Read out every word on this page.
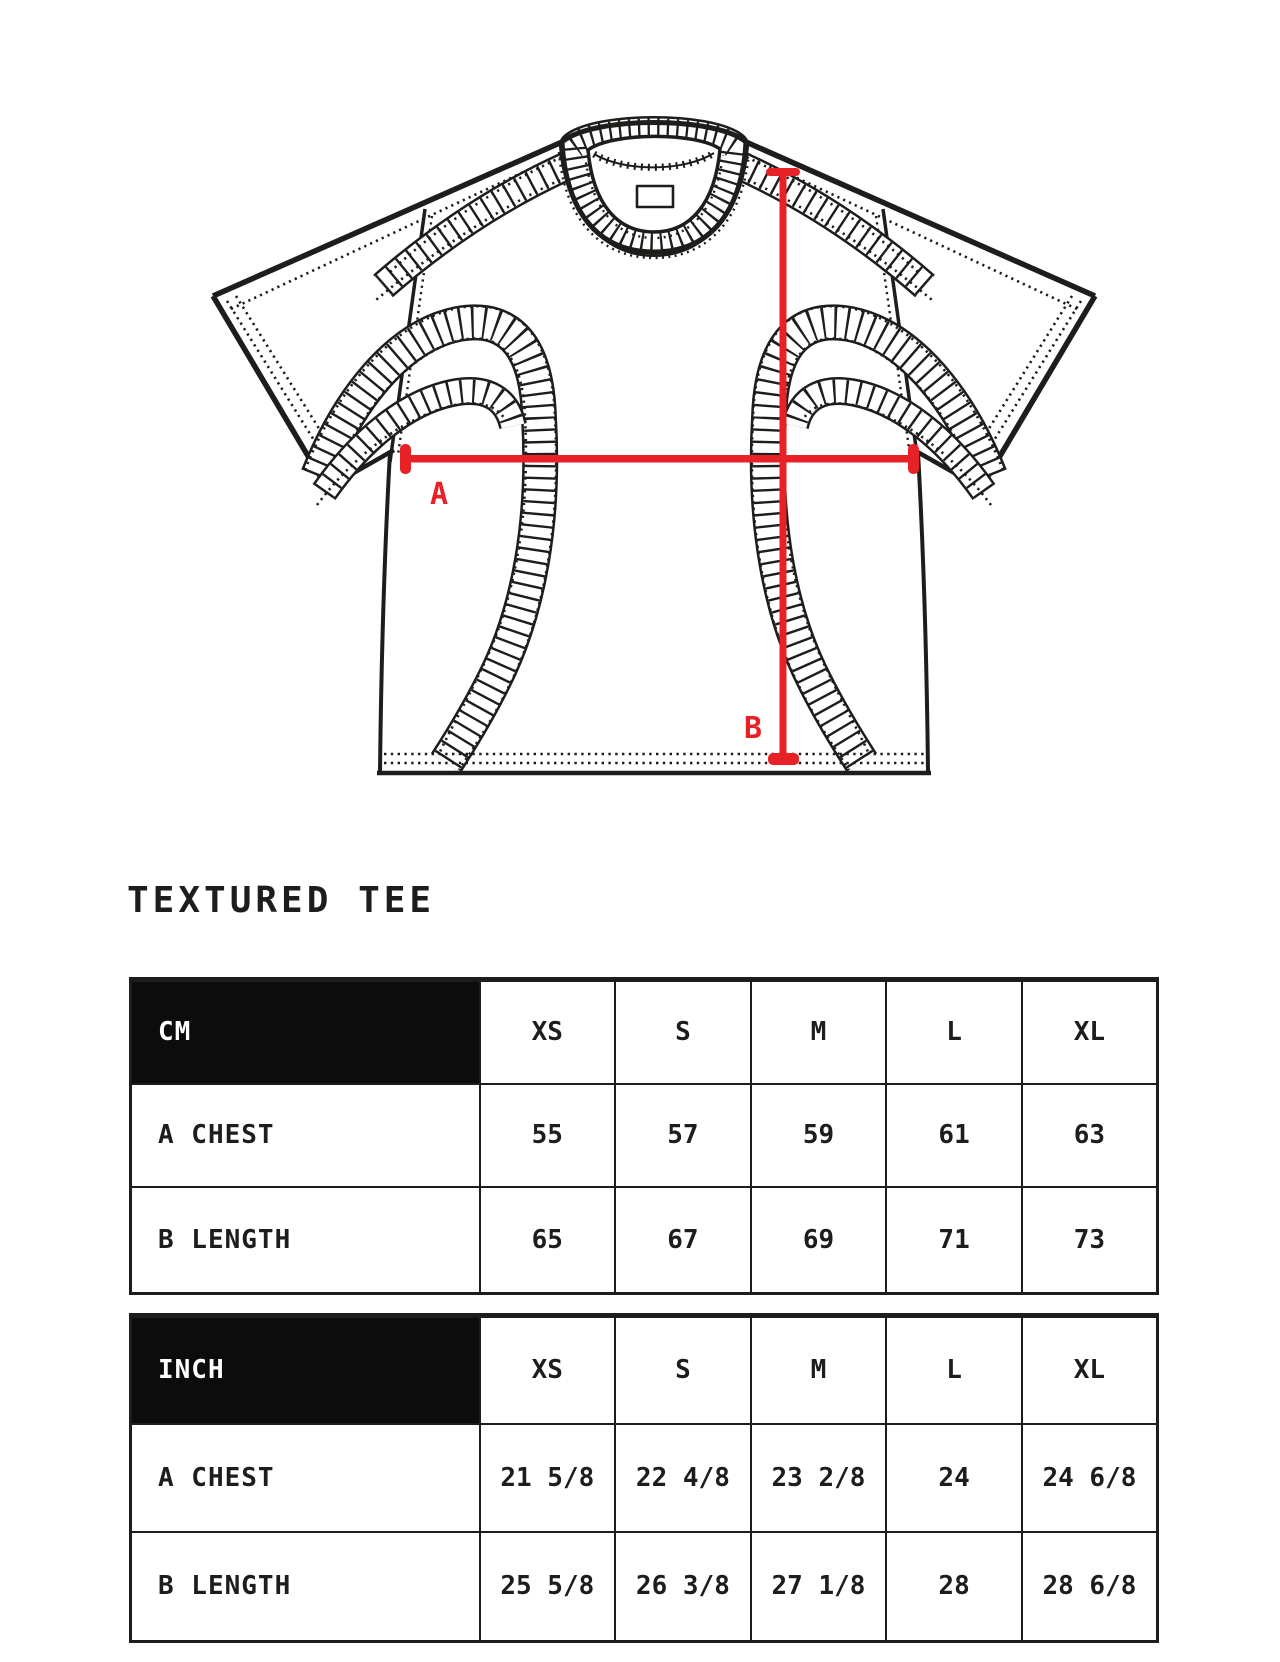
A
B
TEXTURED TEE
CM	XS	S	M	L	XL
A CHEST	55	57	59	61	63
B LENGTH	65	67	69	71	73
INCH	XS	S	M	L	XL
A CHEST	21 5/8	22 4/8	23 2/8	24	24 6/8
B LENGTH	25 5/8	26 3/8	27 1/8	28	28 6/8
